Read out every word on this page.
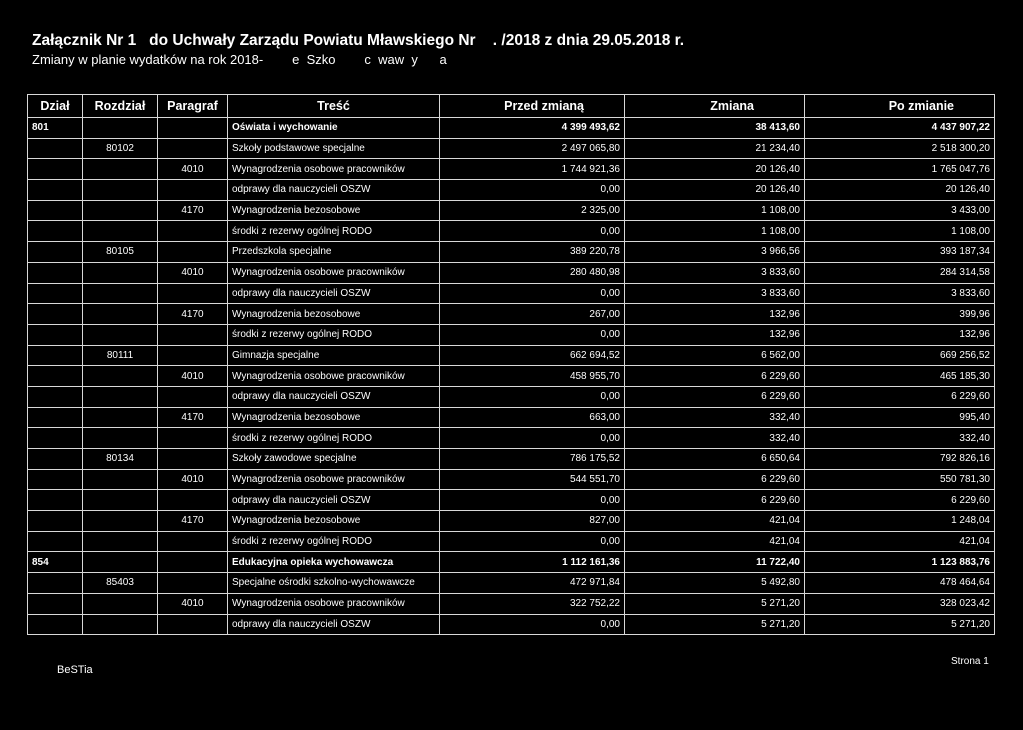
Załącznik Nr 1   do Uchwały Zarządu Powiatu Mławskiego Nr    . /2018 z dnia 29.05.2018 r.
Zmiany w planie wydatków na rok 2018-        e  Szko        c  waw  y      a
Dział	Rozdział	Paragraf	Treść	Przed zmianą	Zmiana	Po zmianie
801			Oświata i wychowanie	4 399 493,62	38 413,60	4 437 907,22
	80102		Szkoły podstawowe specjalne	2 497 065,80	21 234,40	2 518 300,20
		4010	Wynagrodzenia osobowe pracowników	1 744 921,36	20 126,40	1 765 047,76
			odprawy dla nauczycieli OSZW	0,00	20 126,40	20 126,40
		4170	Wynagrodzenia bezosobowe	2 325,00	1 108,00	3 433,00
			środki z rezerwy ogólnej RODO	0,00	1 108,00	1 108,00
	80105		Przedszkola specjalne	389 220,78	3 966,56	393 187,34
		4010	Wynagrodzenia osobowe pracowników	280 480,98	3 833,60	284 314,58
			odprawy dla nauczycieli OSZW	0,00	3 833,60	3 833,60
		4170	Wynagrodzenia bezosobowe	267,00	132,96	399,96
			środki z rezerwy ogólnej RODO	0,00	132,96	132,96
	80111		Gimnazja specjalne	662 694,52	6 562,00	669 256,52
		4010	Wynagrodzenia osobowe pracowników	458 955,70	6 229,60	465 185,30
			odprawy dla nauczycieli OSZW	0,00	6 229,60	6 229,60
		4170	Wynagrodzenia bezosobowe	663,00	332,40	995,40
			środki z rezerwy ogólnej RODO	0,00	332,40	332,40
	80134		Szkoły zawodowe specjalne	786 175,52	6 650,64	792 826,16
		4010	Wynagrodzenia osobowe pracowników	544 551,70	6 229,60	550 781,30
			odprawy dla nauczycieli OSZW	0,00	6 229,60	6 229,60
		4170	Wynagrodzenia bezosobowe	827,00	421,04	1 248,04
			środki z rezerwy ogólnej RODO	0,00	421,04	421,04
854			Edukacyjna opieka wychowawcza	1 112 161,36	11 722,40	1 123 883,76
	85403		Specjalne ośrodki szkolno-wychowawcze	472 971,84	5 492,80	478 464,64
		4010	Wynagrodzenia osobowe pracowników	322 752,22	5 271,20	328 023,42
			odprawy dla nauczycieli OSZW	0,00	5 271,20	5 271,20
BeSTia
Strona 1
